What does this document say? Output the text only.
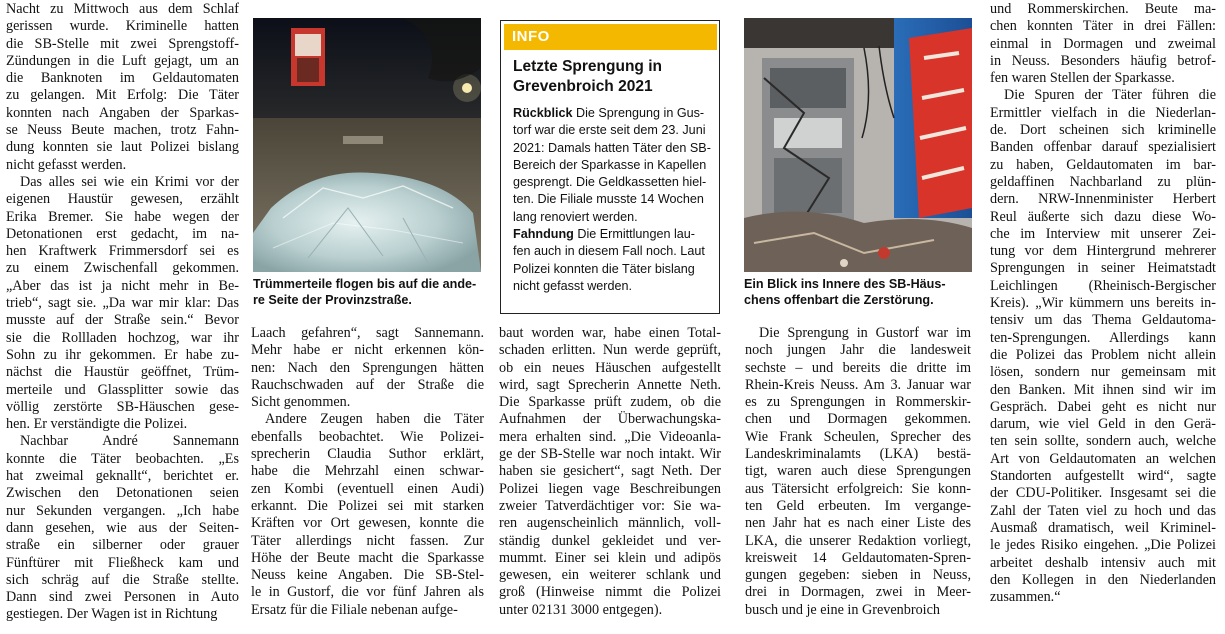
Nacht zu Mittwoch aus dem Schlaf
gerissen wurde. Kriminelle hatten
die SB-Stelle mit zwei Sprengstoff-
Zündungen in die Luft gejagt, um an
die Banknoten im Geldautomaten
zu gelangen. Mit Erfolg: Die Täter
konnten nach Angaben der Sparkas-
se Neuss Beute machen, trotz Fahn-
dung konnten sie laut Polizei bislang
nicht gefasst werden.
Das alles sei wie ein Krimi vor der
eigenen Haustür gewesen, erzählt
Erika Bremer. Sie habe wegen der
Detonationen erst gedacht, im na-
hen Kraftwerk Frimmersdorf sei es
zu einem Zwischenfall gekommen.
„Aber das ist ja nicht mehr in Be-
trieb“, sagt sie. „Da war mir klar: Das
musste auf der Straße sein.“ Bevor
sie die Rollladen hochzog, war ihr
Sohn zu ihr gekommen. Er habe zu-
nächst die Haustür geöffnet, Trüm-
merteile und Glassplitter sowie das
völlig zerstörte SB-Häuschen gese-
hen. Er verständigte die Polizei.
Nachbar André Sannemann
konnte die Täter beobachten. „Es
hat zweimal geknallt“, berichtet er.
Zwischen den Detonationen seien
nur Sekunden vergangen. „Ich habe
dann gesehen, wie aus der Seiten-
straße ein silberner oder grauer
Fünftürer mit Fließheck kam und
sich schräg auf die Straße stellte.
Dann sind zwei Personen in Auto
gestiegen. Der Wagen ist in Richtung
Trümmerteile flogen bis auf die ande-
re Seite der Provinzstraße.
Laach gefahren“, sagt Sannemann.
Mehr habe er nicht erkennen kön-
nen: Nach den Sprengungen hätten
Rauchschwaden auf der Straße die
Sicht genommen.
Andere Zeugen haben die Täter
ebenfalls beobachtet. Wie Polizei-
sprecherin Claudia Suthor erklärt,
habe die Mehrzahl einen schwar-
zen Kombi (eventuell einen Audi)
erkannt. Die Polizei sei mit starken
Kräften vor Ort gewesen, konnte die
Täter allerdings nicht fassen. Zur
Höhe der Beute macht die Sparkasse
Neuss keine Angaben. Die SB-Stel-
le in Gustorf, die vor fünf Jahren als
Ersatz für die Filiale nebenan aufge-
INFO
Letzte Sprengung in
Grevenbroich 2021
Rückblick Die Sprengung in Gus-
torf war die erste seit dem 23. Juni
2021: Damals hatten Täter den SB-
Bereich der Sparkasse in Kapellen
gesprengt. Die Geldkassetten hiel-
ten. Die Filiale musste 14 Wochen
lang renoviert werden.
Fahndung Die Ermittlungen lau-
fen auch in diesem Fall noch. Laut
Polizei konnten die Täter bislang
nicht gefasst werden.
baut worden war, habe einen Total-
schaden erlitten. Nun werde geprüft,
ob ein neues Häuschen aufgestellt
wird, sagt Sprecherin Annette Neth.
Die Sparkasse prüft zudem, ob die
Aufnahmen der Überwachungska-
mera erhalten sind. „Die Videoanla-
ge der SB-Stelle war noch intakt. Wir
haben sie gesichert“, sagt Neth. Der
Polizei liegen vage Beschreibungen
zweier Tatverdächtiger vor: Sie wa-
ren augenscheinlich männlich, voll-
ständig dunkel gekleidet und ver-
mummt. Einer sei klein und adipös
gewesen, ein weiterer schlank und
groß (Hinweise nimmt die Polizei
unter 02131 3000 entgegen).
Ein Blick ins Innere des SB-Häus-
chens offenbart die Zerstörung.
Die Sprengung in Gustorf war im
noch jungen Jahr die landesweit
sechste – und bereits die dritte im
Rhein-Kreis Neuss. Am 3. Januar war
es zu Sprengungen in Rommerskir-
chen und Dormagen gekommen.
Wie Frank Scheulen, Sprecher des
Landeskriminalamts (LKA) bestä-
tigt, waren auch diese Sprengungen
aus Tätersicht erfolgreich: Sie konn-
ten Geld erbeuten. Im vergange-
nen Jahr hat es nach einer Liste des
LKA, die unserer Redaktion vorliegt,
kreisweit 14 Geldautomaten-Spren-
gungen gegeben: sieben in Neuss,
drei in Dormagen, zwei in Meer-
busch und je eine in Grevenbroich
und Rommerskirchen. Beute ma-
chen konnten Täter in drei Fällen:
einmal in Dormagen und zweimal
in Neuss. Besonders häufig betrof-
fen waren Stellen der Sparkasse.
Die Spuren der Täter führen die
Ermittler vielfach in die Niederlan-
de. Dort scheinen sich kriminelle
Banden offenbar darauf spezialisiert
zu haben, Geldautomaten im bar-
geldaffinen Nachbarland zu plün-
dern. NRW-Innenminister Herbert
Reul äußerte sich dazu diese Wo-
che im Interview mit unserer Zei-
tung vor dem Hintergrund mehrerer
Sprengungen in seiner Heimatstadt
Leichlingen (Rheinisch-Bergischer
Kreis). „Wir kümmern uns bereits in-
tensiv um das Thema Geldautoma-
ten-Sprengungen. Allerdings kann
die Polizei das Problem nicht allein
lösen, sondern nur gemeinsam mit
den Banken. Mit ihnen sind wir im
Gespräch. Dabei geht es nicht nur
darum, wie viel Geld in den Gerä-
ten sein sollte, sondern auch, welche
Art von Geldautomaten an welchen
Standorten aufgestellt wird“, sagte
der CDU-Politiker. Insgesamt sei die
Zahl der Taten viel zu hoch und das
Ausmaß dramatisch, weil Kriminel-
le jedes Risiko eingehen. „Die Polizei
arbeitet deshalb intensiv auch mit
den Kollegen in den Niederlanden
zusammen.“
